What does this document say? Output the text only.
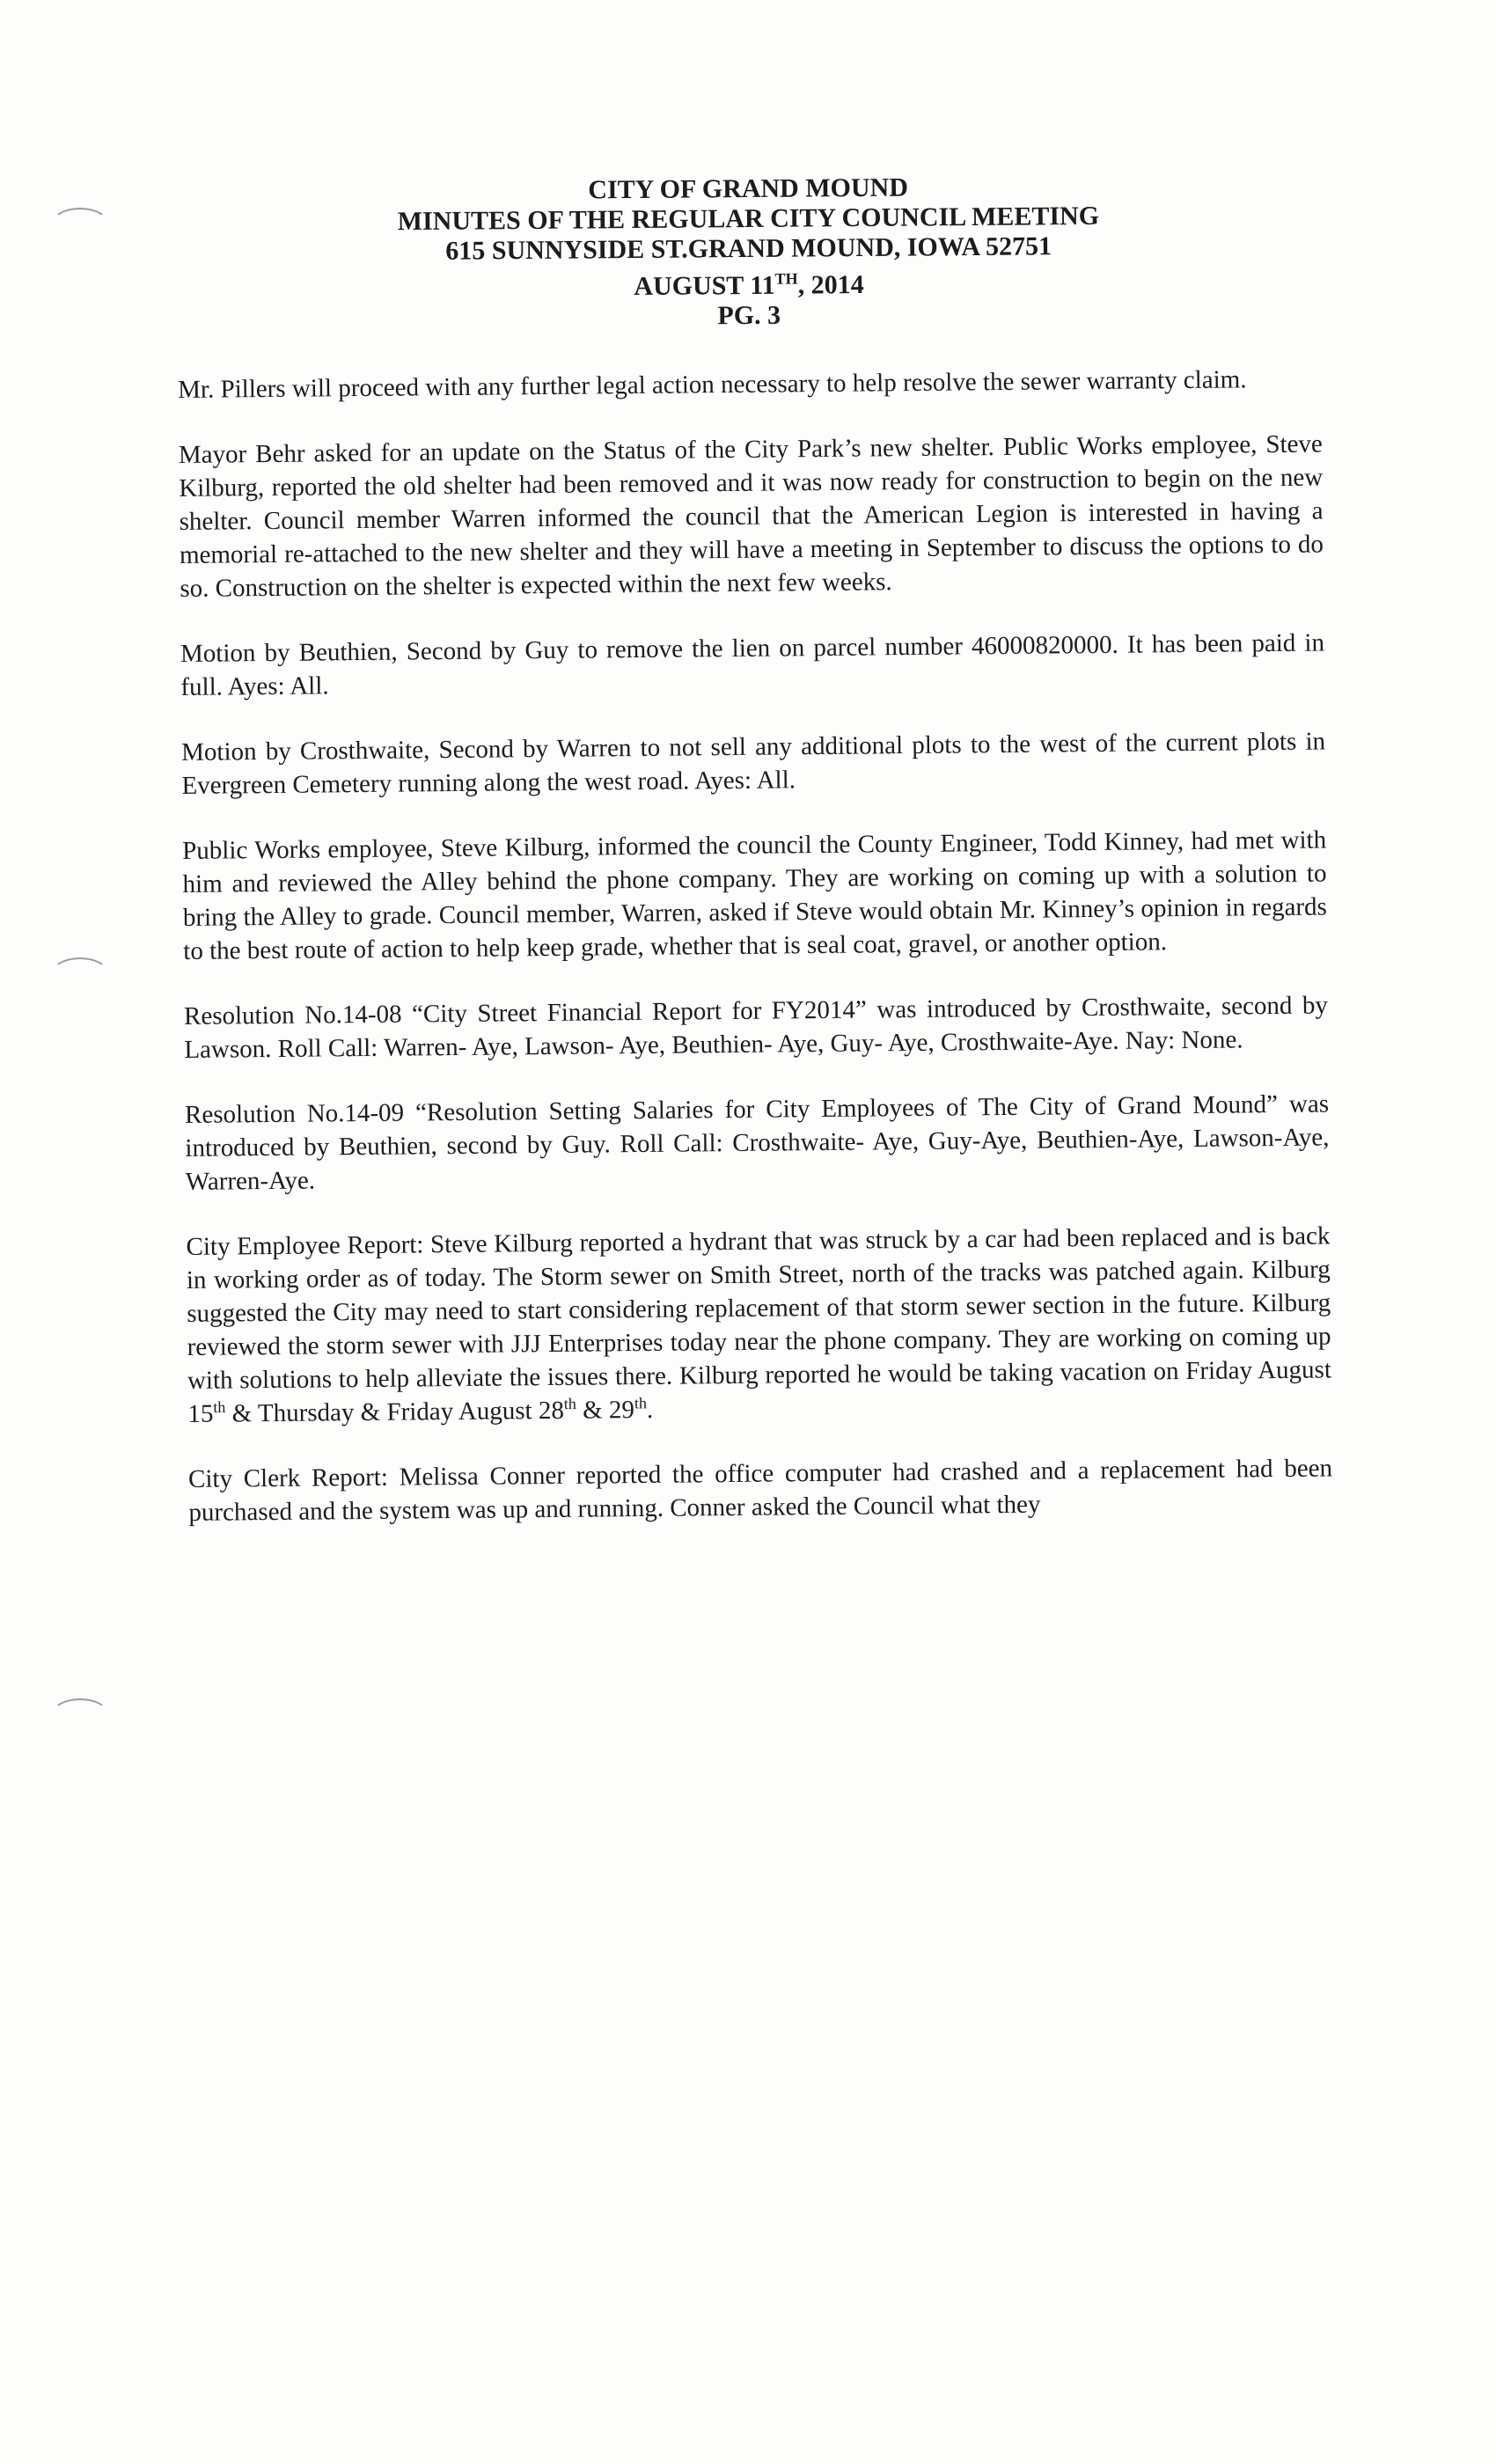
CITY OF GRAND MOUND
MINUTES OF THE REGULAR CITY COUNCIL MEETING
615 SUNNYSIDE ST.GRAND MOUND, IOWA 52751
AUGUST 11TH, 2014
PG. 3

Mr. Pillers will proceed with any further legal action necessary to help resolve the sewer warranty claim.

Mayor Behr asked for an update on the Status of the City Park’s new shelter. Public Works employee, Steve Kilburg, reported the old shelter had been removed and it was now ready for construction to begin on the new shelter. Council member Warren informed the council that the American Legion is interested in having a memorial re-attached to the new shelter and they will have a meeting in September to discuss the options to do so. Construction on the shelter is expected within the next few weeks.

Motion by Beuthien, Second by Guy to remove the lien on parcel number 46000820000. It has been paid in full. Ayes: All.

Motion by Crosthwaite, Second by Warren to not sell any additional plots to the west of the current plots in Evergreen Cemetery running along the west road. Ayes: All.

Public Works employee, Steve Kilburg, informed the council the County Engineer, Todd Kinney, had met with him and reviewed the Alley behind the phone company. They are working on coming up with a solution to bring the Alley to grade. Council member, Warren, asked if Steve would obtain Mr. Kinney’s opinion in regards to the best route of action to help keep grade, whether that is seal coat, gravel, or another option.

Resolution No.14-08 “City Street Financial Report for FY2014” was introduced by Crosthwaite, second by Lawson. Roll Call: Warren- Aye, Lawson- Aye, Beuthien- Aye, Guy- Aye, Crosthwaite-Aye. Nay: None.

Resolution No.14-09 “Resolution Setting Salaries for City Employees of The City of Grand Mound” was introduced by Beuthien, second by Guy. Roll Call: Crosthwaite- Aye, Guy-Aye, Beuthien-Aye, Lawson-Aye, Warren-Aye.

City Employee Report: Steve Kilburg reported a hydrant that was struck by a car had been replaced and is back in working order as of today. The Storm sewer on Smith Street, north of the tracks was patched again. Kilburg suggested the City may need to start considering replacement of that storm sewer section in the future. Kilburg reviewed the storm sewer with JJJ Enterprises today near the phone company. They are working on coming up with solutions to help alleviate the issues there. Kilburg reported he would be taking vacation on Friday August 15th & Thursday & Friday August 28th & 29th.

City Clerk Report: Melissa Conner reported the office computer had crashed and a replacement had been purchased and the system was up and running. Conner asked the Council what they
